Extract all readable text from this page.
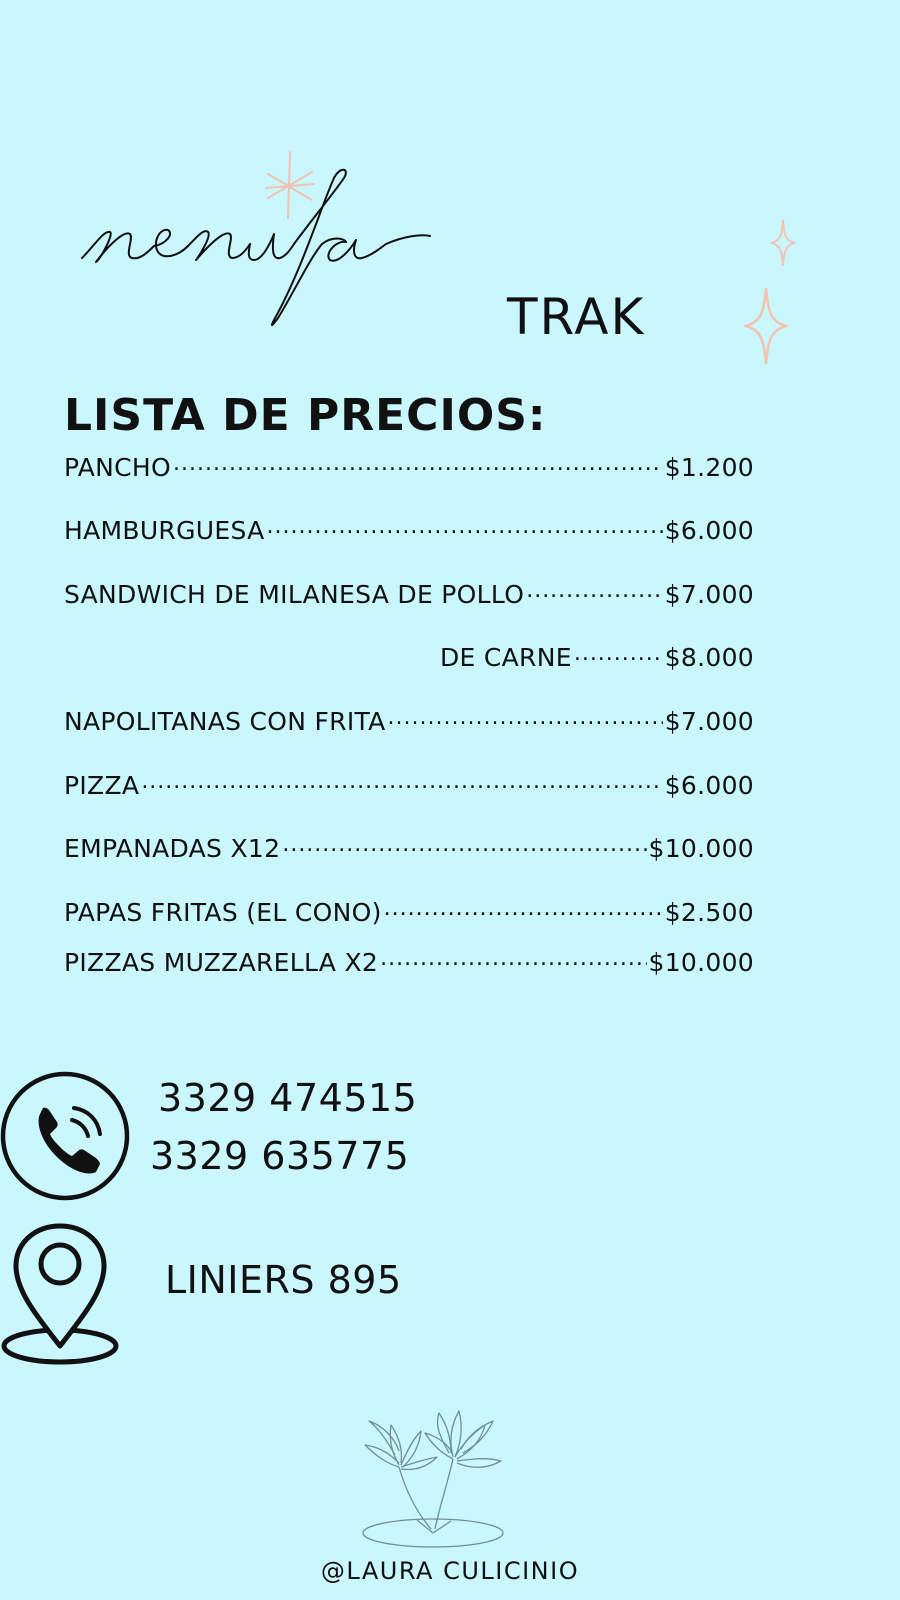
TRAK
LISTA DE PRECIOS:
PANCHO .....	$1.200
HAMBURGUESA .....	$6.000
SANDWICH DE MILANESA DE POLLO .....	$7.000
DE CARNE .....	$8.000
NAPOLITANAS CON FRITA .....	$7.000
PIZZA .....	$6.000
EMPANADAS X12 .....	$10.000
PAPAS FRITAS (EL CONO) .....	$2.500
PIZZAS MUZZARELLA X2 .....	$10.000
3329 474515
3329 635775
LINIERS 895
@LAURA CULICINIO
